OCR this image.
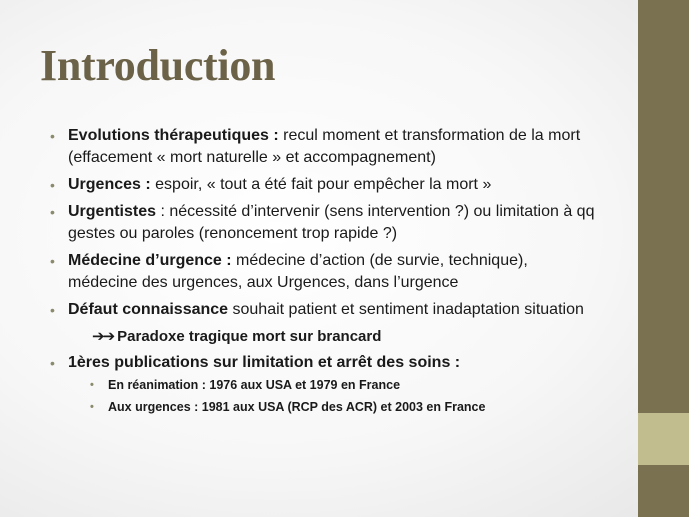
Introduction
• Evolutions thérapeutiques : recul moment et transformation de la mort (effacement « mort naturelle » et accompagnement)
• Urgences : espoir, « tout a été fait pour empêcher la mort »
• Urgentistes : nécessité d’intervenir (sens intervention ?) ou limitation à qq gestes ou paroles (renoncement trop rapide ?)
• Médecine d’urgence : médecine d’action (de survie, technique), médecine des urgences, aux Urgences, dans l’urgence
• Défaut connaissance souhait patient et sentiment inadaptation situation
➔➔ Paradoxe tragique mort sur brancard
• 1ères publications sur limitation et arrêt des soins :
• En réanimation : 1976 aux USA et 1979 en France
• Aux urgences : 1981 aux USA (RCP des ACR) et 2003 en France
